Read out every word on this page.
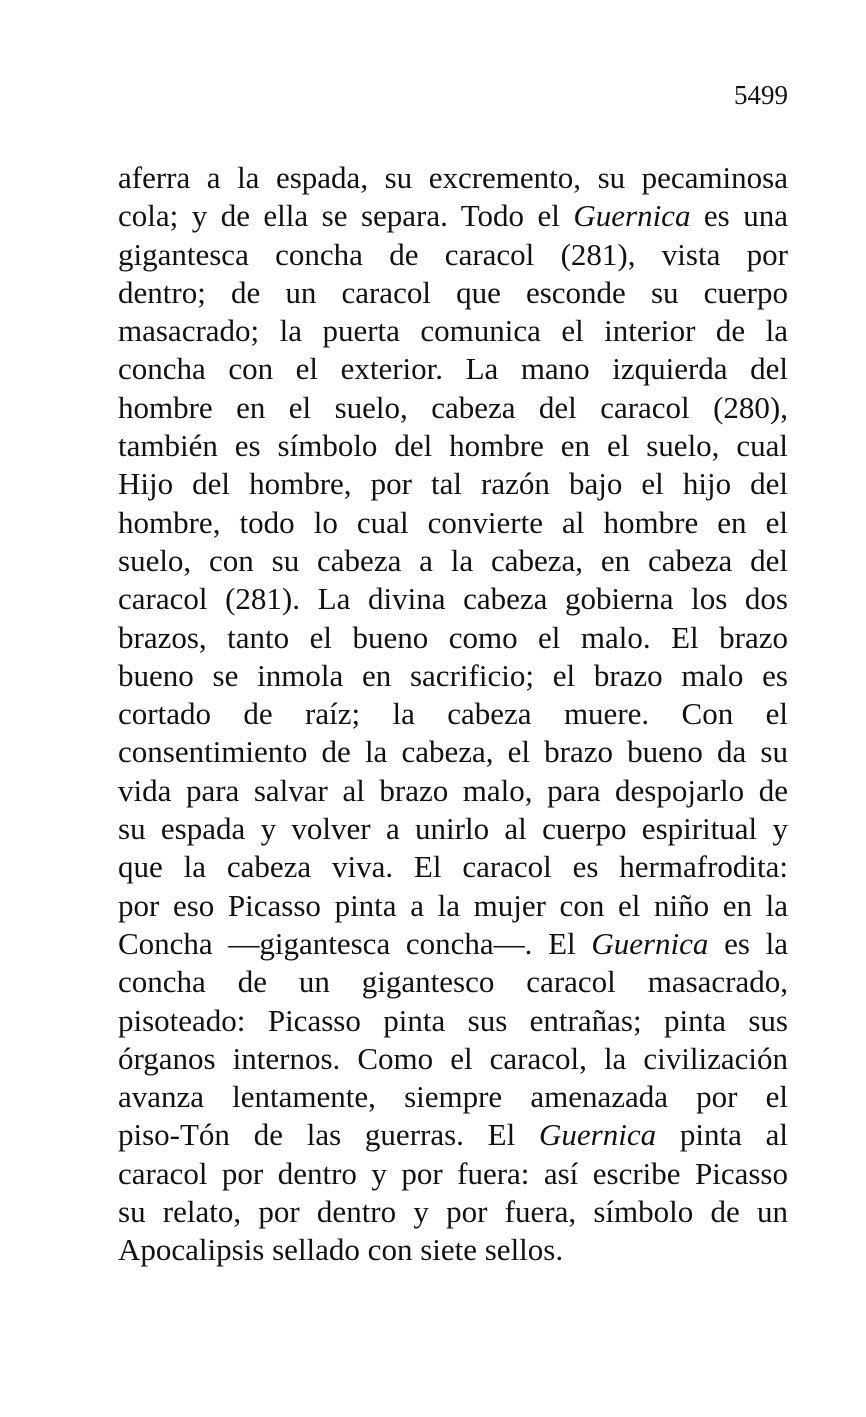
5499
aferra a la espada, su excremento, su pecaminosa
cola; y de ella se separa. Todo el Guernica es una
gigantesca concha de caracol (281), vista por
dentro; de un caracol que esconde su cuerpo
masacrado; la puerta comunica el interior de la
concha con el exterior. La mano izquierda del
hombre en el suelo, cabeza del caracol (280),
también es símbolo del hombre en el suelo, cual
Hijo del hombre, por tal razón bajo el hijo del
hombre, todo lo cual convierte al hombre en el
suelo, con su cabeza a la cabeza, en cabeza del
caracol (281). La divina cabeza gobierna los dos
brazos, tanto el bueno como el malo. El brazo
bueno se inmola en sacrificio; el brazo malo es
cortado de raíz; la cabeza muere. Con el
consentimiento de la cabeza, el brazo bueno da su
vida para salvar al brazo malo, para despojarlo de
su espada y volver a unirlo al cuerpo espiritual y
que la cabeza viva. El caracol es hermafrodita:
por eso Picasso pinta a la mujer con el niño en la
Concha —gigantesca concha—. El Guernica es la
concha de un gigantesco caracol masacrado,
pisoteado: Picasso pinta sus entrañas; pinta sus
órganos internos. Como el caracol, la civilización
avanza lentamente, siempre amenazada por el
piso-Tón de las guerras. El Guernica pinta al
caracol por dentro y por fuera: así escribe Picasso
su relato, por dentro y por fuera, símbolo de un
Apocalipsis sellado con siete sellos.
